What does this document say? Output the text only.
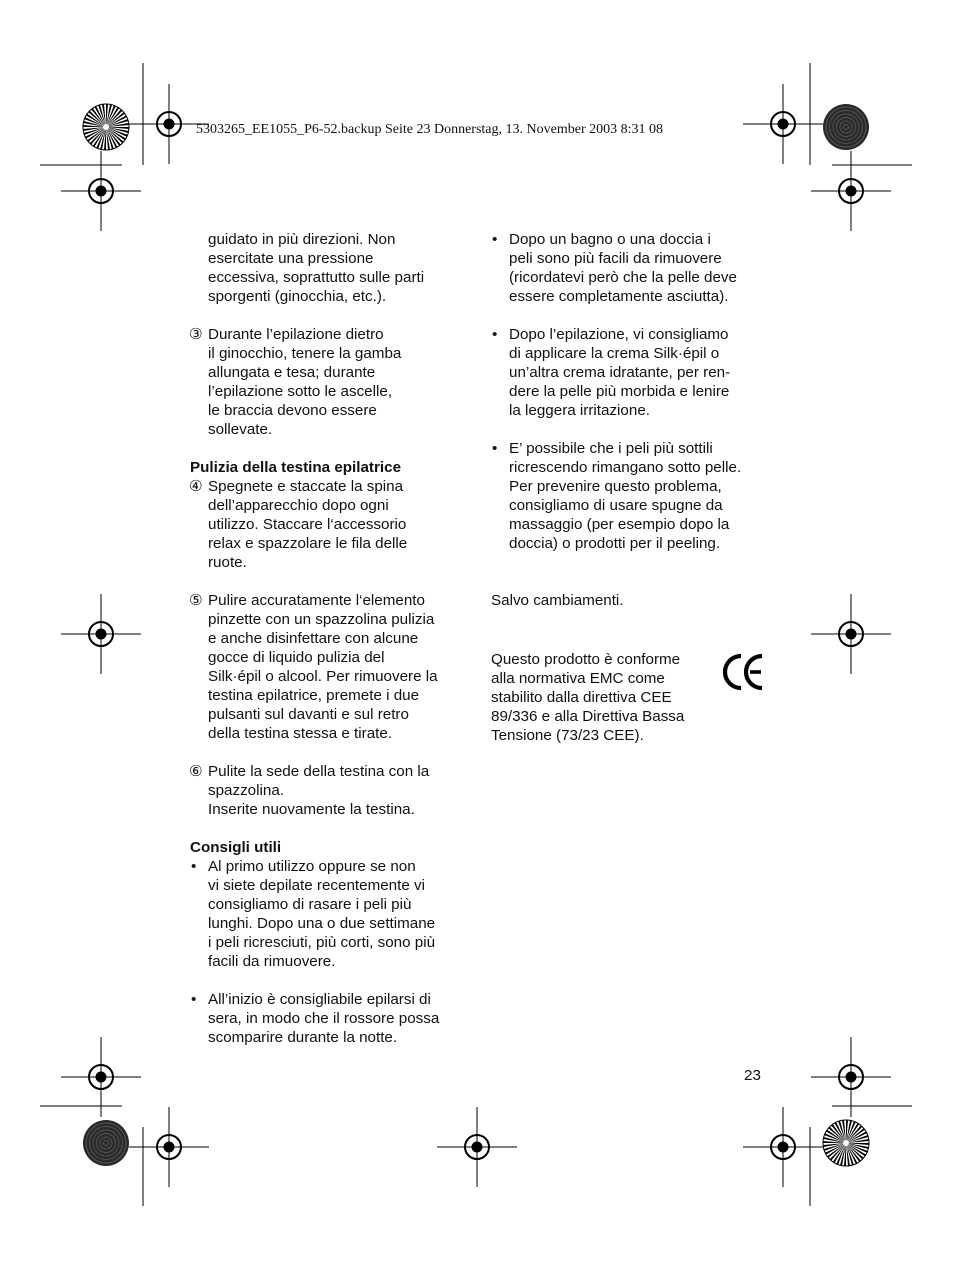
5303265_EE1055_P6-52.backup Seite 23 Donnerstag, 13. November 2003 8:31 08
guidato in più direzioni. Non
esercitate una pressione
eccessiva, soprattutto sulle parti
sporgenti (ginocchia, etc.).
③ Durante l’epilazione dietro
il ginocchio, tenere la gamba
allungata e tesa; durante
l’epilazione sotto le ascelle,
le braccia devono essere
sollevate.

Pulizia della testina epilatrice

④ Spegnete e staccate la spina
dell’apparecchio dopo ogni
utilizzo. Staccare l‘accessorio
relax e spazzolare le fila delle
ruote.
⑤ Pulire accuratamente l‘elemento
pinzette con un spazzolina pulizia
e anche disinfettare con alcune
gocce di liquido pulizia del
Silk·épil o alcool. Per rimuovere la
testina epilatrice, premete i due
pulsanti sul davanti e sul retro
della testina stessa e tirate.
⑥ Pulite la sede della testina con la
spazzolina.
Inserite nuovamente la testina.

Consigli utili

• Al primo utilizzo oppure se non
vi siete depilate recentemente vi
consigliamo di rasare i peli più
lunghi. Dopo una o due settimane
i peli ricresciuti, più corti, sono più
facili da rimuovere.
• All’inizio è consigliabile epilarsi di
sera, in modo che il rossore possa
scomparire durante la notte.
• Dopo un bagno o una doccia i
peli sono più facili da rimuovere
(ricordatevi però che la pelle deve
essere completamente asciutta).
• Dopo l’epilazione, vi consigliamo
di applicare la crema Silk·épil o
un’altra crema idratante, per ren-
dere la pelle più morbida e lenire
la leggera irritazione.
• E’ possibile che i peli più sottili
ricrescendo rimangano sotto pelle.
Per prevenire questo problema,
consigliamo di usare spugne da
massaggio (per esempio dopo la
doccia) o prodotti per il peeling.

Salvo cambiamenti.

Questo prodotto è conforme
alla normativa EMC come
stabilito dalla direttiva CEE
89/336 e alla Direttiva Bassa
Tensione (73/23 CEE).
23
